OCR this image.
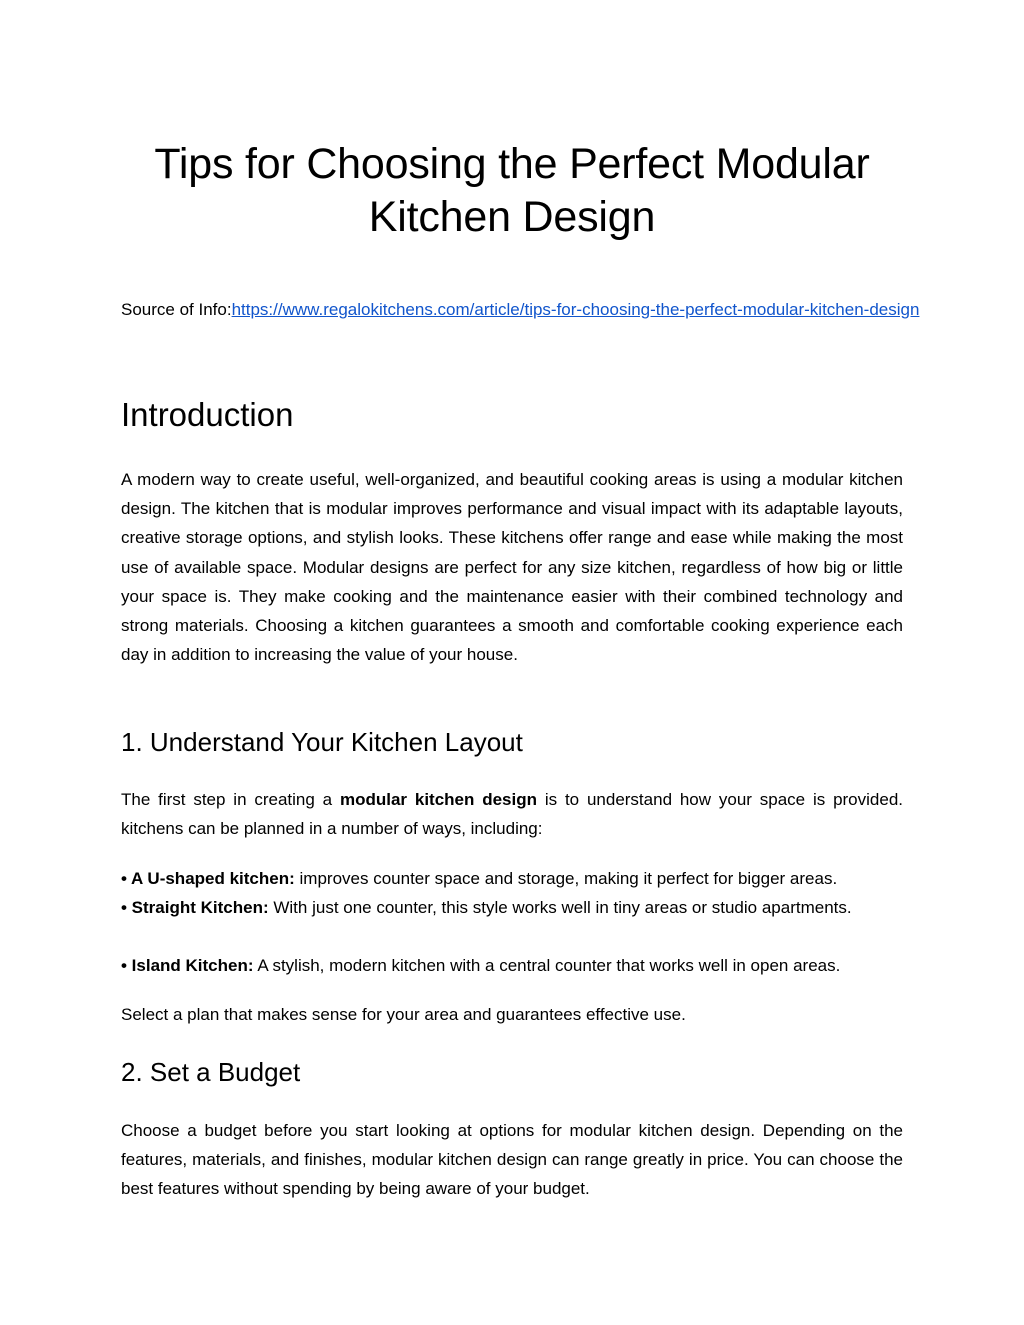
Tips for Choosing the Perfect Modular Kitchen Design
Source of Info:https://www.regalokitchens.com/article/tips-for-choosing-the-perfect-modular-kitchen-design
Introduction

A modern way to create useful, well-organized, and beautiful cooking areas is using a modular kitchen design. The kitchen that is modular improves performance and visual impact with its adaptable layouts, creative storage options, and stylish looks. These kitchens offer range and ease while making the most use of available space. Modular designs are perfect for any size kitchen, regardless of how big or little your space is. They make cooking and the maintenance easier with their combined technology and strong materials. Choosing a kitchen guarantees a smooth and comfortable cooking experience each day in addition to increasing the value of your house.

1. Understand Your Kitchen Layout

The first step in creating a modular kitchen design is to understand how your space is provided. kitchens can be planned in a number of ways, including:

• A U-shaped kitchen: improves counter space and storage, making it perfect for bigger areas.

• Straight Kitchen: With just one counter, this style works well in tiny areas or studio apartments.

• Island Kitchen: A stylish, modern kitchen with a central counter that works well in open areas.

Select a plan that makes sense for your area and guarantees effective use.

2. Set a Budget

Choose a budget before you start looking at options for modular kitchen design. Depending on the features, materials, and finishes, modular kitchen design can range greatly in price. You can choose the best features without spending by being aware of your budget.
